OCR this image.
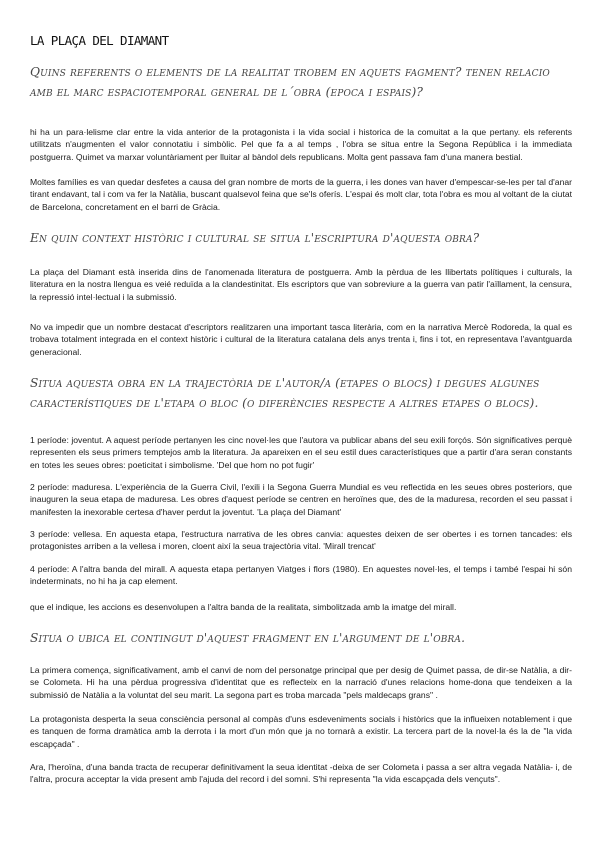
LA PLAÇA DEL DIAMANT
Quins referents o elements de la realitat trobem en aquets fagment? tenen relacio amb el marc espaciotemporal general de l´obra (epoca i espais)?

hi ha un para·lelisme clar entre la vida anterior de la protagonista i la vida social i historica de la comuitat a la que pertany. els referents utilitzats n'augmenten el valor connotatiu i simbòlic. Pel que fa a al temps , l'obra se situa entre la Segona República i la immediata postguerra. Quimet va marxar voluntàriament per lluitar al bàndol dels republicans. Molta gent passava fam d'una manera bestial.

Moltes famílies es van quedar desfetes a causa del gran nombre de morts de la guerra, i les dones van haver d'empescar-se-les per tal d'anar tirant endavant, tal i com va fer la Natàlia, buscant qualsevol feina que se'ls oferís. L'espai és molt clar, tota l'obra es mou al voltant de la ciutat de Barcelona, concretament en el barri de Gràcia.

En quin context històric i cultural se situa l'escriptura d'aquesta obra?

La plaça del Diamant està inserida dins de l'anomenada literatura de postguerra. Amb la pèrdua de les llibertats polítiques i culturals, la literatura en la nostra llengua es veié reduïda a la clandestinitat. Els escriptors que van sobreviure a la guerra van patir l'aïllament, la censura, la repressió intel·lectual i la submissió.

No va impedir que un nombre destacat d'escriptors realitzaren una important tasca literària, com en la narrativa Mercè Rodoreda, la qual es trobava totalment integrada en el context històric i cultural de la literatura catalana dels anys trenta i, fins i tot, en representava l'avantguarda generacional.

Situa aquesta obra en la trajectòria de l'autor/a (etapes o blocs) i degues algunes característiques de l'etapa o bloc (o diferències respecte a altres etapes o blocs).

1 període: joventut. A aquest període pertanyen les cinc novel·les que l'autora va publicar abans del seu exili forçós. Són significatives perquè representen els seus primers temptejos amb la literatura. Ja apareixen en el seu estil dues característiques que a partir d'ara seran constants en totes les seues obres: poeticitat i simbolisme. 'Del que hom no pot fugir'

2 període: maduresa. L'experiència de la Guerra Civil, l'exili i la Segona Guerra Mundial es veu reflectida en les seues obres posteriors, que inauguren la seua etapa de maduresa. Les obres d'aquest període se centren en heroïnes que, des de la maduresa, recorden el seu passat i manifesten la inexorable certesa d'haver perdut la joventut. 'La plaça del Diamant'

3 període: vellesa. En aquesta etapa, l'estructura narrativa de les obres canvia: aquestes deixen de ser obertes i es tornen tancades: els protagonistes arriben a la vellesa i moren, cloent així la seua trajectòria vital. 'Mirall trencat'

4 període: A l'altra banda del mirall. A aquesta etapa pertanyen Viatges i flors (1980). En aquestes novel·les, el temps i també l'espai hi són indeterminats, no hi ha ja cap element.

que el indique, les accions es desenvolupen a l'altra banda de la realitata, simbolitzada amb la imatge del mirall.

Situa o ubica el contingut d'aquest fragment en l'argument de l'obra.

La primera comença, significativament, amb el canvi de nom del personatge principal que per desig de Quimet passa, de dir-se Natàlia, a dir-se Colometa. Hi ha una pèrdua progressiva d'identitat que es reflecteix en la narració d'unes relacions home-dona que tendeixen a la submissió de Natàlia a la voluntat del seu marit. La segona part es troba marcada "pels maldecaps grans" .

La protagonista desperta la seua consciència personal al compàs d'uns esdeveniments socials i històrics que la influeixen notablement i que es tanquen de forma dramàtica amb la derrota i la mort d'un món que ja no tornarà a existir. La tercera part de la novel·la és la de "la vida escapçada" .

Ara, l'heroïna, d'una banda tracta de recuperar definitivament la seua identitat -deixa de ser Colometa i passa a ser altra vegada Natàlia- i, de l'altra, procura acceptar la vida present amb l'ajuda del record i del somni. S'hi representa "la vida escapçada dels vençuts".
